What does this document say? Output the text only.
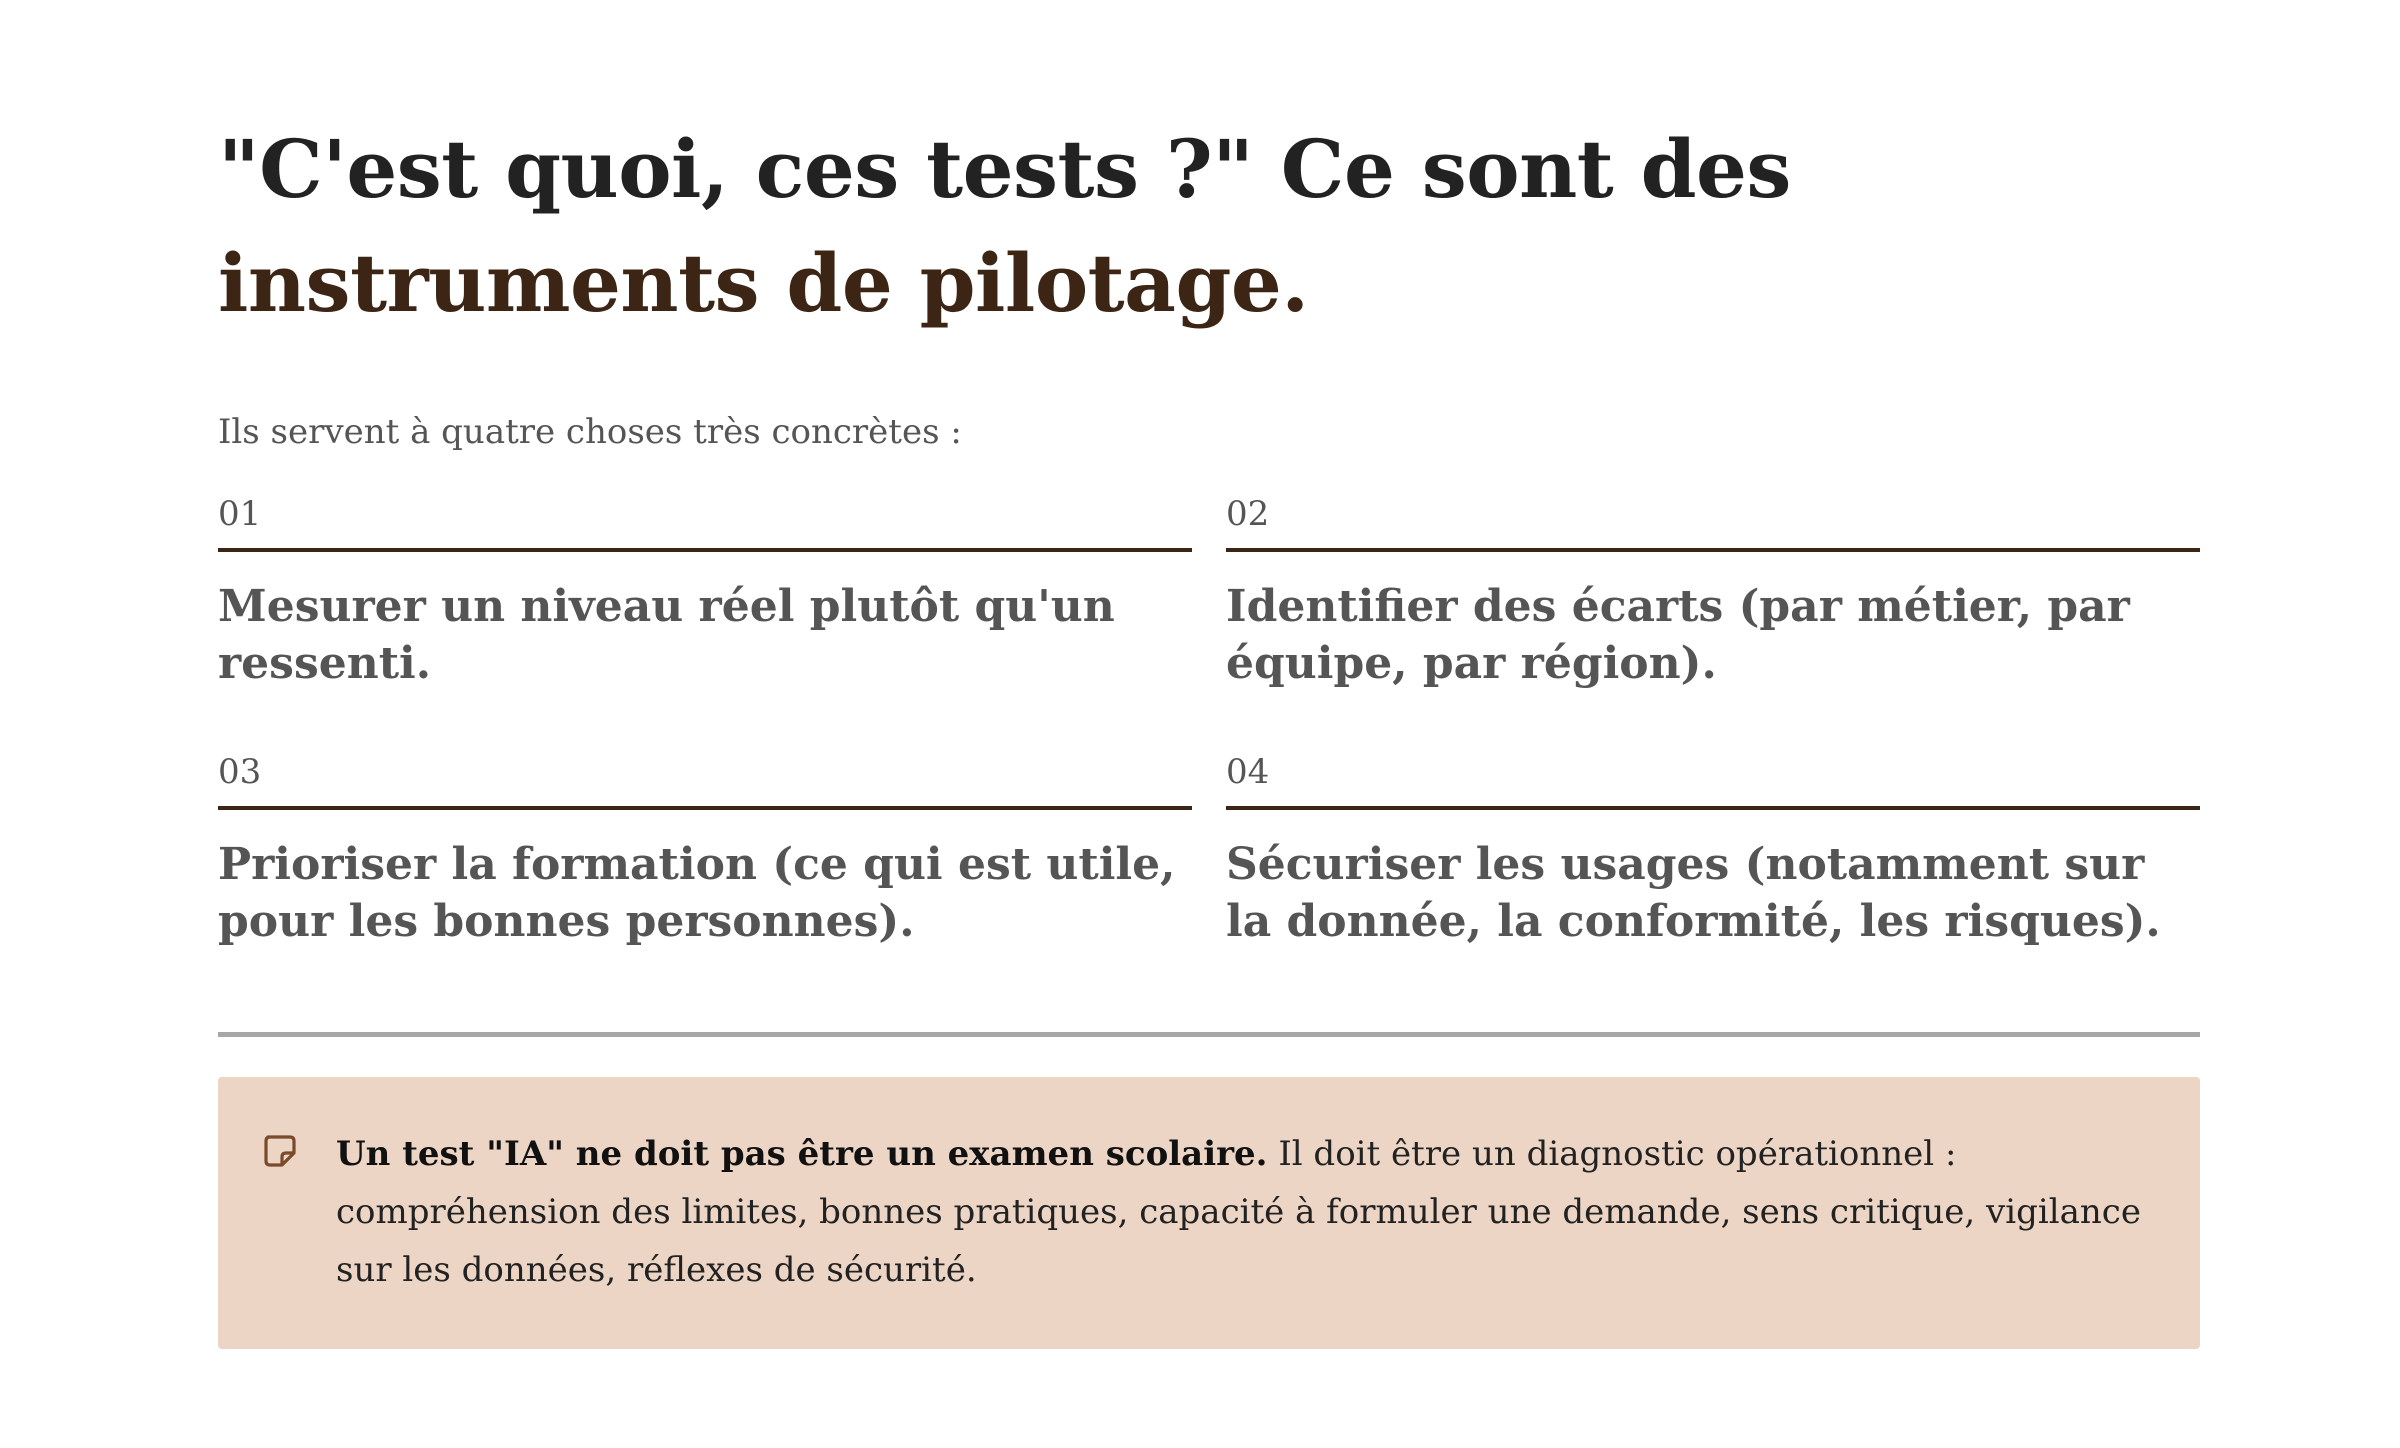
"C'est quoi, ces tests ?" Ce sont des
instruments de pilotage.

Ils servent à quatre choses très concrètes :

01
Mesurer un niveau réel plutôt qu'un ressenti.
02
Identifier des écarts (par métier, par équipe, par région).
03
Prioriser la formation (ce qui est utile, pour les bonnes personnes).
04
Sécuriser les usages (notamment sur la donnée, la conformité, les risques).
Un test "IA" ne doit pas être un examen scolaire. Il doit être un diagnostic opérationnel : compréhension des limites, bonnes pratiques, capacité à formuler une demande, sens critique, vigilance sur les données, réflexes de sécurité.
